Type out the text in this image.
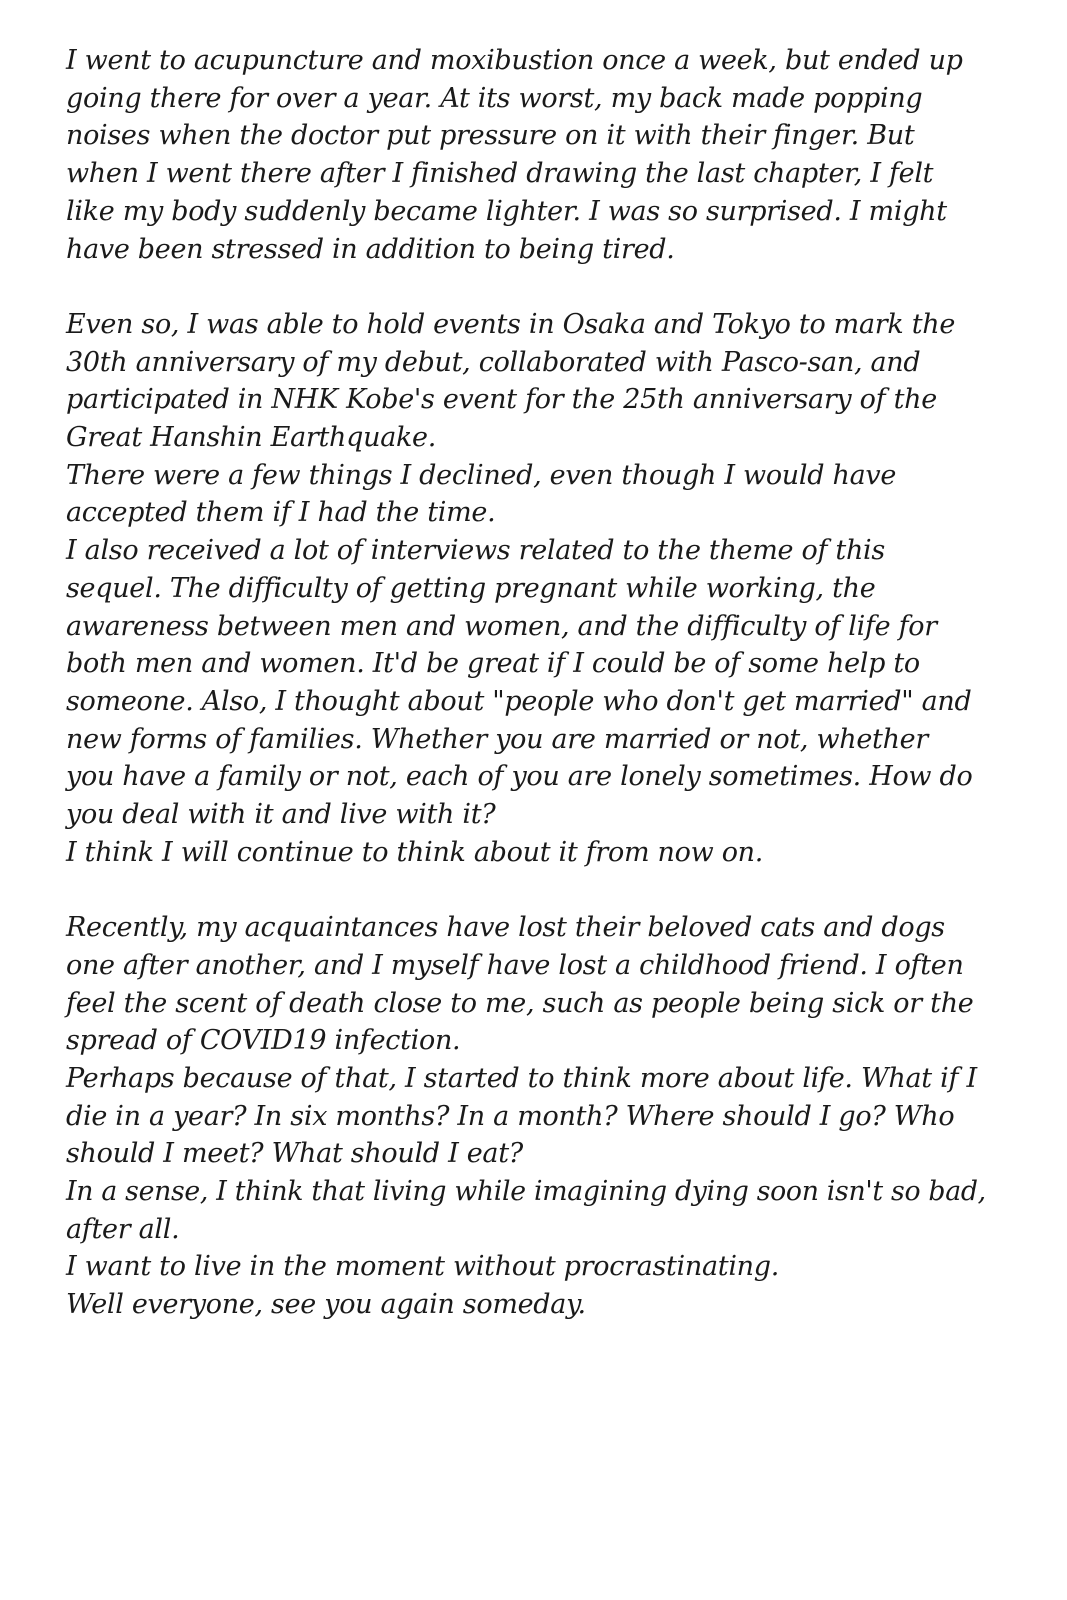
I went to acupuncture and moxibustion once a week, but ended up
going there for over a year. At its worst, my back made popping
noises when the doctor put pressure on it with their finger. But
when I went there after I finished drawing the last chapter, I felt
like my body suddenly became lighter. I was so surprised. I might
have been stressed in addition to being tired.
Even so, I was able to hold events in Osaka and Tokyo to mark the
30th anniversary of my debut, collaborated with Pasco-san, and
participated in NHK Kobe's event for the 25th anniversary of the
Great Hanshin Earthquake.
There were a few things I declined, even though I would have
accepted them if I had the time.
I also received a lot of interviews related to the theme of this
sequel. The difficulty of getting pregnant while working, the
awareness between men and women, and the difficulty of life for
both men and women. It'd be great if I could be of some help to
someone. Also, I thought about "people who don't get married" and
new forms of families. Whether you are married or not, whether
you have a family or not, each of you are lonely sometimes. How do
you deal with it and live with it?
I think I will continue to think about it from now on.
Recently, my acquaintances have lost their beloved cats and dogs
one after another, and I myself have lost a childhood friend. I often
feel the scent of death close to me, such as people being sick or the
spread of COVID19 infection.
Perhaps because of that, I started to think more about life. What if I
die in a year? In six months? In a month? Where should I go? Who
should I meet? What should I eat?
In a sense, I think that living while imagining dying soon isn't so bad,
after all.
I want to live in the moment without procrastinating.
Well everyone, see you again someday.
